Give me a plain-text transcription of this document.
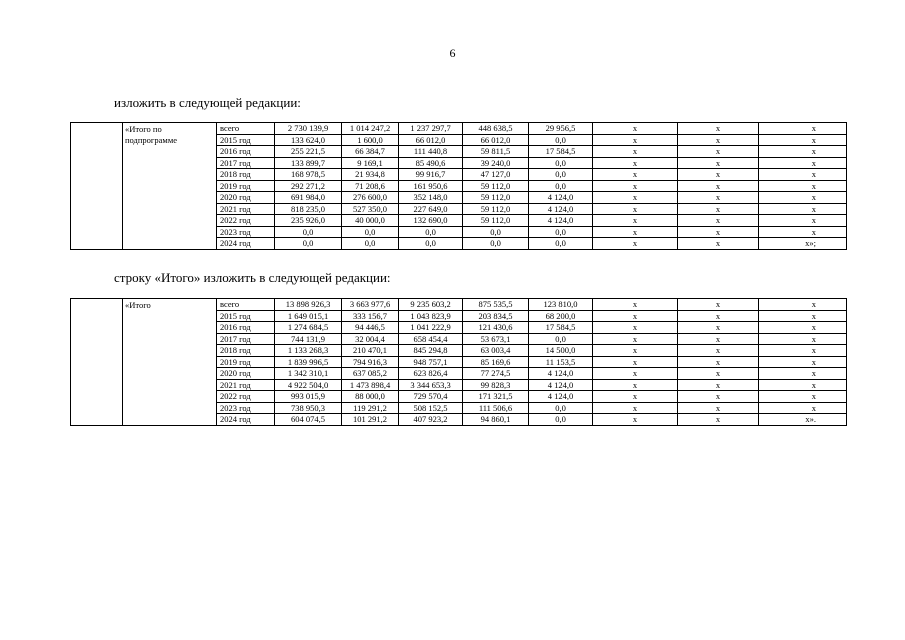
6
изложить в следующей редакции:
	«Итого по подпрограмме	всего	2 730 139,9	1 014 247,2	1 237 297,7	448 638,5	29 956,5	x	x	x
		2015 год	133 624,0	1 600,0	66 012,0	66 012,0	0,0	x	x	x
		2016 год	255 221,5	66 384,7	111 440,8	59 811,5	17 584,5	x	x	x
		2017 год	133 899,7	9 169,1	85 490,6	39 240,0	0,0	x	x	x
		2018 год	168 978,5	21 934,8	99 916,7	47 127,0	0,0	x	x	x
		2019 год	292 271,2	71 208,6	161 950,6	59 112,0	0,0	x	x	x
		2020 год	691 984,0	276 600,0	352 148,0	59 112,0	4 124,0	x	x	x
		2021 год	818 235,0	527 350,0	227 649,0	59 112,0	4 124,0	x	x	x
		2022 год	235 926,0	40 000,0	132 690,0	59 112,0	4 124,0	x	x	x
		2023 год	0,0	0,0	0,0	0,0	0,0	x	x	x
		2024 год	0,0	0,0	0,0	0,0	0,0	x	x	x»;
строку «Итого» изложить в следующей редакции:
	«Итого	всего	13 898 926,3	3 663 977,6	9 235 603,2	875 535,5	123 810,0	x	x	x
		2015 год	1 649 015,1	333 156,7	1 043 823,9	203 834,5	68 200,0	x	x	x
		2016 год	1 274 684,5	94 446,5	1 041 222,9	121 430,6	17 584,5	x	x	x
		2017 год	744 131,9	32 004,4	658 454,4	53 673,1	0,0	x	x	x
		2018 год	1 133 268,3	210 470,1	845 294,8	63 003,4	14 500,0	x	x	x
		2019 год	1 839 996,5	794 916,3	948 757,1	85 169,6	11 153,5	x	x	x
		2020 год	1 342 310,1	637 085,2	623 826,4	77 274,5	4 124,0	x	x	x
		2021 год	4 922 504,0	1 473 898,4	3 344 653,3	99 828,3	4 124,0	x	x	x
		2022 год	993 015,9	88 000,0	729 570,4	171 321,5	4 124,0	x	x	x
		2023 год	738 950,3	119 291,2	508 152,5	111 506,6	0,0	x	x	x
		2024 год	604 074,5	101 291,2	407 923,2	94 860,1	0,0	x	x	x».
